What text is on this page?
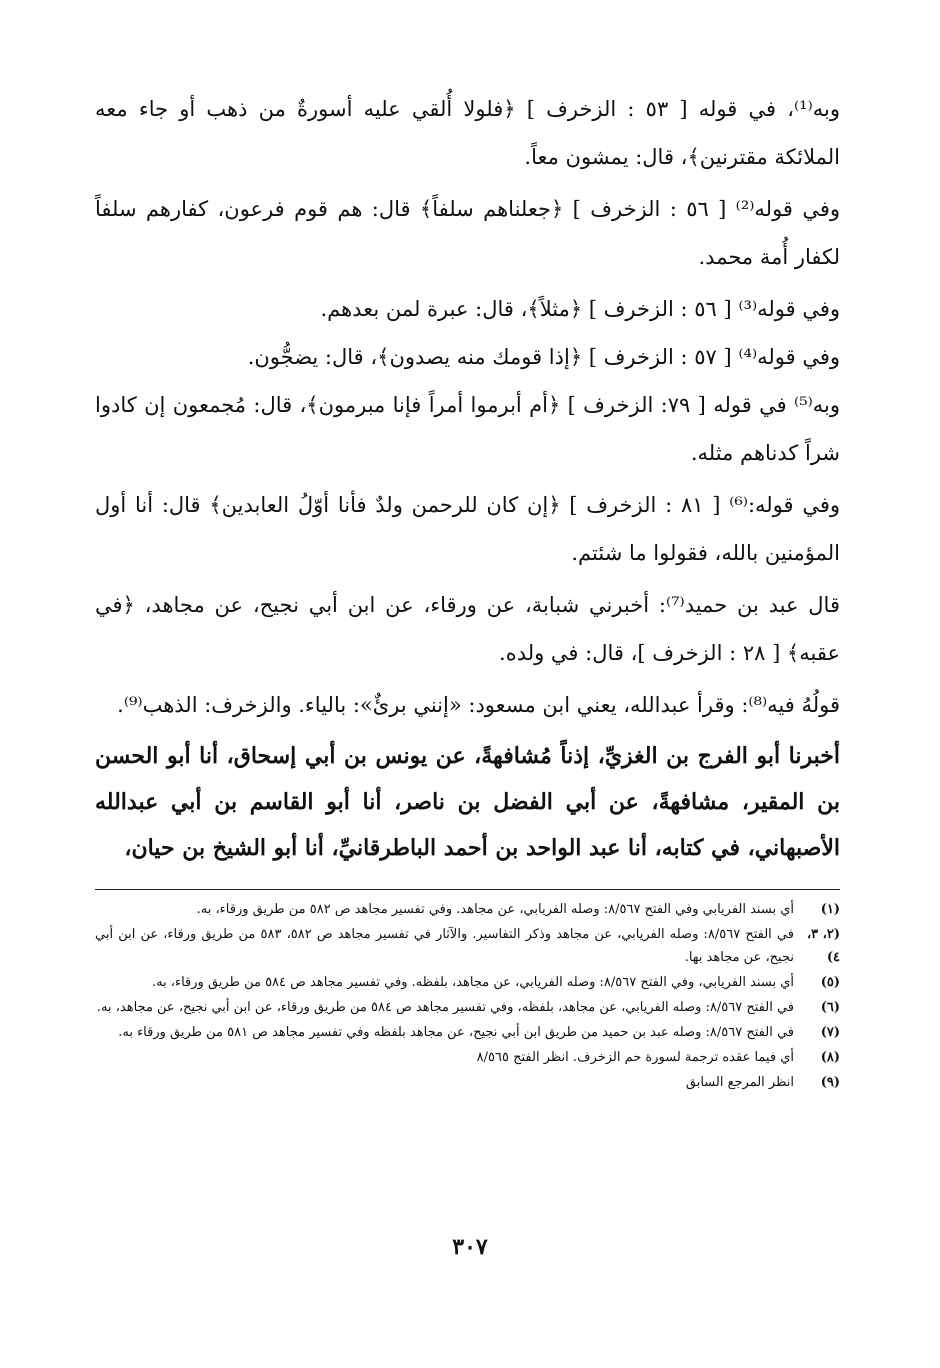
وبه⁽¹⁾، في قوله [ ٥٣ : الزخرف ] ﴿فلولا أُلقي عليه أسورةٌ من ذهب أو جاء معه الملائكة مقترنين﴾، قال: يمشون معاً.

وفي قوله⁽²⁾ [ ٥٦ : الزخرف ] ﴿جعلناهم سلفاً﴾ قال: هم قوم فرعون، كفارهم سلفاً لكفار أُمة محمد.

وفي قوله⁽³⁾ [ ٥٦ : الزخرف ] ﴿مثلاً﴾، قال: عبرة لمن بعدهم.

وفي قوله⁽⁴⁾ [ ٥٧ : الزخرف ] ﴿إذا قومك منه يصدون﴾، قال: يضجُّون.

وبه⁽⁵⁾ في قوله [ ٧٩: الزخرف ] ﴿أم أبرموا أمراً فإنا مبرمون﴾، قال: مُجمعون إن كادوا شراً كدناهم مثله.

وفي قوله:⁽⁶⁾ [ ٨١ : الزخرف ] ﴿إن كان للرحمن ولدٌ فأنا أوّلُ العابدين﴾ قال: أنا أول المؤمنين بالله، فقولوا ما شئتم.

قال عبد بن حميد⁽⁷⁾: أخبرني شبابة، عن ورقاء، عن ابن أبي نجيح، عن مجاهد، ﴿في عقبه﴾ [ ٢٨ : الزخرف ]، قال: في ولده.

قولُهُ فيه⁽⁸⁾: وقرأ عبدالله، يعني ابن مسعود: «إنني برئٌ»: بالياء. والزخرف: الذهب⁽⁹⁾.

أخبرنا أبو الفرج بن الغزيِّ، إذناً مُشافهةً، عن يونس بن أبي إسحاق، أنا أبو الحسن بن المقير، مشافهةً، عن أبي الفضل بن ناصر، أنا أبو القاسم بن أبي عبدالله الأصبهاني، في كتابه، أنا عبد الواحد بن أحمد الباطرقانيِّ، أنا أبو الشيخ بن حيان،

(١)
أي بسند الفريابي وفي الفتح ٨/٥٦٧: وصله الفريابي، عن مجاهد. وفي تفسير مجاهد ص ٥٨٢ من طريق ورقاء، به.
(٢، ٣، ٤)
في الفتح ٨/٥٦٧: وصله الفريابي، عن مجاهد وذكر التفاسير. والآثار في تفسير مجاهد ص ٥٨٢، ٥٨٣ من طريق ورقاء، عن ابن أبي نجيح، عن مجاهد بها.
(٥)
أي بسند الفريابي، وفي الفتح ٨/٥٦٧: وصله الفريابي، عن مجاهد، بلفظه. وفي تفسير مجاهد ص ٥٨٤ من طريق ورقاء، به.
(٦)
في الفتح ٨/٥٦٧: وصله الفريابي، عن مجاهد، بلفظه، وفي تفسير مجاهد ص ٥٨٤ من طريق ورقاء، عن ابن أبي نجيح، عن مجاهد، به.
(٧)
في الفتح ٨/٥٦٧: وصله عبد بن حميد من طريق ابن أبي نجيح، عن مجاهد بلفظه وفي تفسير مجاهد ص ٥٨١ من طريق ورقاء به.
(٨)
أي فيما عقده ترجمة لسورة حم الزخرف. انظر الفتح ٨/٥٦٥
(٩)
انظر المرجع السابق
٣٠٧
